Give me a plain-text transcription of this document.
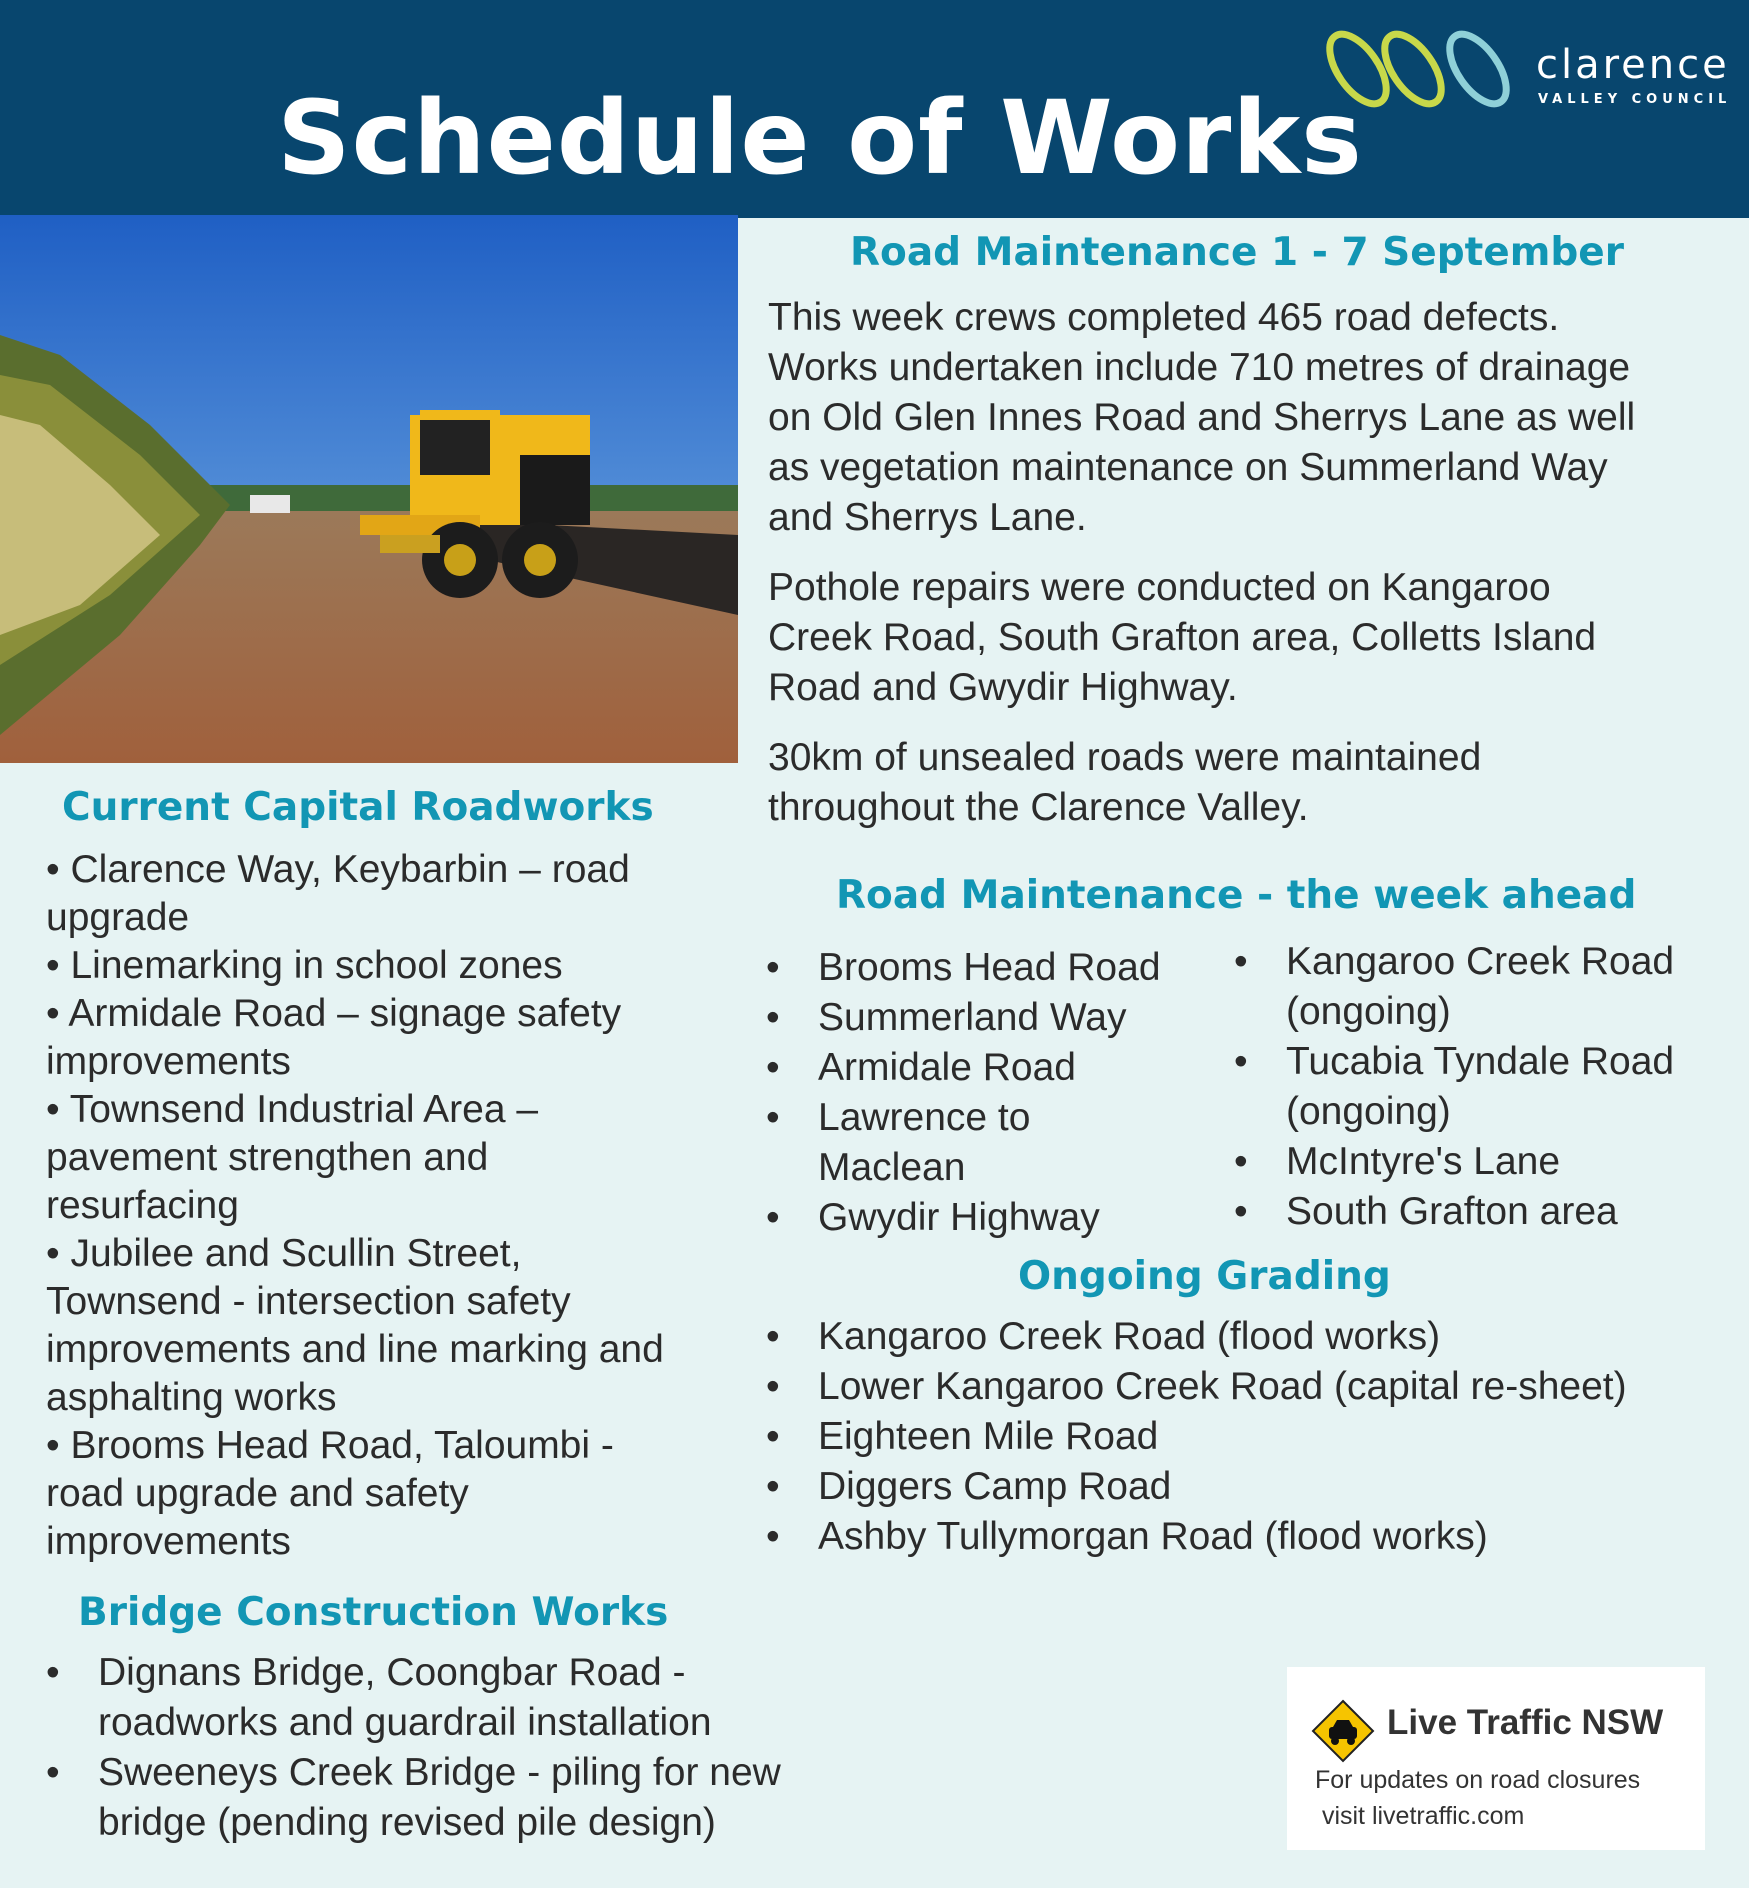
Schedule of Works
clarence
VALLEY COUNCIL
Road Maintenance 1 - 7 September

This week crews completed 465 road defects.
Works undertaken include 710 metres of drainage
on Old Glen Innes Road and Sherrys Lane as well
as vegetation maintenance on Summerland Way
and Sherrys Lane.

Pothole repairs were conducted on Kangaroo
Creek Road, South Grafton area, Colletts Island
Road and Gwydir Highway.

30km of unsealed roads were maintained
throughout the Clarence Valley.

Road Maintenance - the week ahead
• Brooms Head Road
• Summerland Way
• Armidale Road
• Lawrence to
Maclean
• Gwydir Highway
• Kangaroo Creek Road
(ongoing)
• Tucabia Tyndale Road
(ongoing)
• McIntyre's Lane
• South Grafton area
Ongoing Grading
• Kangaroo Creek Road (flood works)
• Lower Kangaroo Creek Road (capital re-sheet)
• Eighteen Mile Road
• Diggers Camp Road
• Ashby Tullymorgan Road (flood works)
Current Capital Roadworks
• Clarence Way, Keybarbin – road
upgrade
• Linemarking in school zones
• Armidale Road – signage safety
improvements
• Townsend Industrial Area –
pavement strengthen and
resurfacing
• Jubilee and Scullin Street,
Townsend - intersection safety
improvements and line marking and
asphalting works
• Brooms Head Road, Taloumbi -
road upgrade and safety
improvements
Bridge Construction Works
• Dignans Bridge, Coongbar Road -
roadworks and guardrail installation
• Sweeneys Creek Bridge - piling for new
bridge (pending revised pile design)
Live Traffic NSW
For updates on road closures
visit livetraffic.com
